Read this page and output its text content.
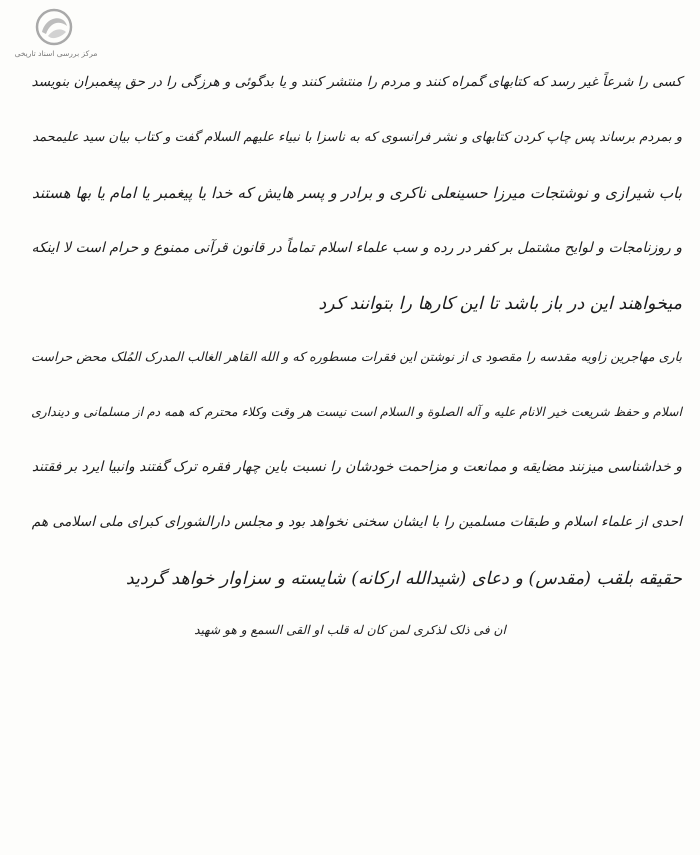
مرکز بررسی اسناد تاریخی
کسی را شرعاً غیر رسد که کتابهای گمراه کنند و مردم را منتشر کنند و یا بدگوئی و هرزگی را در حق پیغمبران بنویسد
و بمردم برساند پس چاپ کردن کتابهای و نشر فرانسوی که به ناسزا با نبیاء علیهم السلام گفت و کتاب بیان سید علیمحمد
باب شیرازی و نوشتجات میرزا حسینعلی ناکری و برادر و پسر هایش که خدا یا پیغمبر یا امام یا بها هستند
و روزنامجات و لوایح مشتمل بر کفر در رده و سب علماء اسلام تماماً در قانون قرآنی ممنوع و حرام است لا اینکه
میخواهند این در باز باشد تا این کارها را بتوانند کرد
بارى مهاجرین زاویه مقدسه را مقصود ی از نوشتن این فقرات مسطوره که و الله القاهر الغالب المدرک المُلک محض حراست
اسلام و حفظ شریعت خیر الانام علیه و آله الصلوة و السلام است نیست هر وقت وکلاء محترم که همه دم از مسلمانی و دینداری
و خداشناسی میزنند مضایقه و ممانعت و مزاحمت خودشان را نسبت باین چهار فقره ترک گفتند وانبیا ایرد بر فقتند
احدی از علماء اسلام و طبقات مسلمین را با ایشان سخنی نخواهد بود و مجلس دارالشورای کبرای ملی اسلامی هم
حقیقه بلقب (مقدس) و دعای (شیدالله ارکانه) شایسته و سزاوار خواهد گردید
ان فی ذلک لذکری لمن کان له قلب او القی السمع و هو شهید
